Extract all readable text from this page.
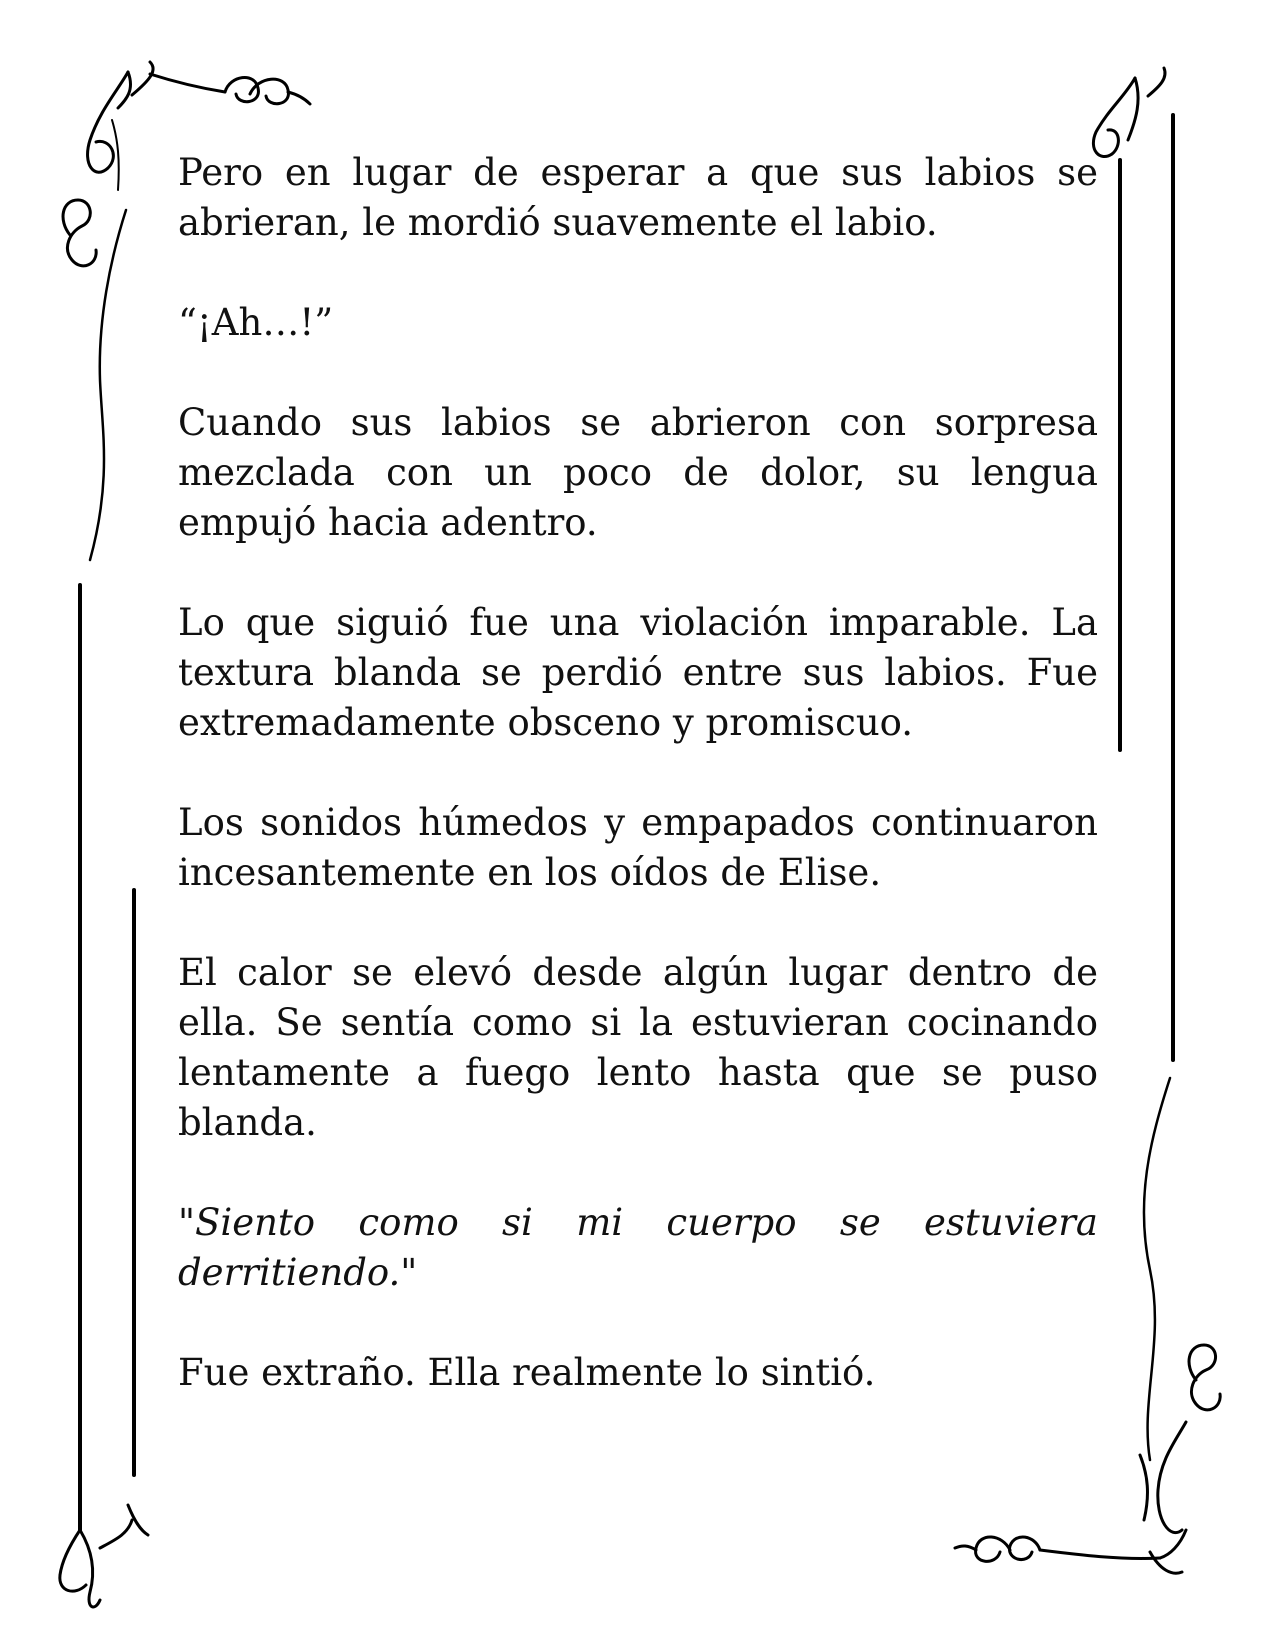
Pero en lugar de esperar a que sus labios se abrieran, le mordió suavemente el labio.

“¡Ah…!”

Cuando sus labios se abrieron con sorpresa mezclada con un poco de dolor, su lengua empujó hacia adentro.

Lo que siguió fue una violación imparable. La textura blanda se perdió entre sus labios. Fue extremadamente obsceno y promiscuo.

Los sonidos húmedos y empapados continuaron incesantemente en los oídos de Elise.

El calor se elevó desde algún lugar dentro de ella. Se sentía como si la estuvieran cocinando lentamente a fuego lento hasta que se puso blanda.

"Siento como si mi cuerpo se estuviera derritiendo."

Fue extraño. Ella realmente lo sintió.
